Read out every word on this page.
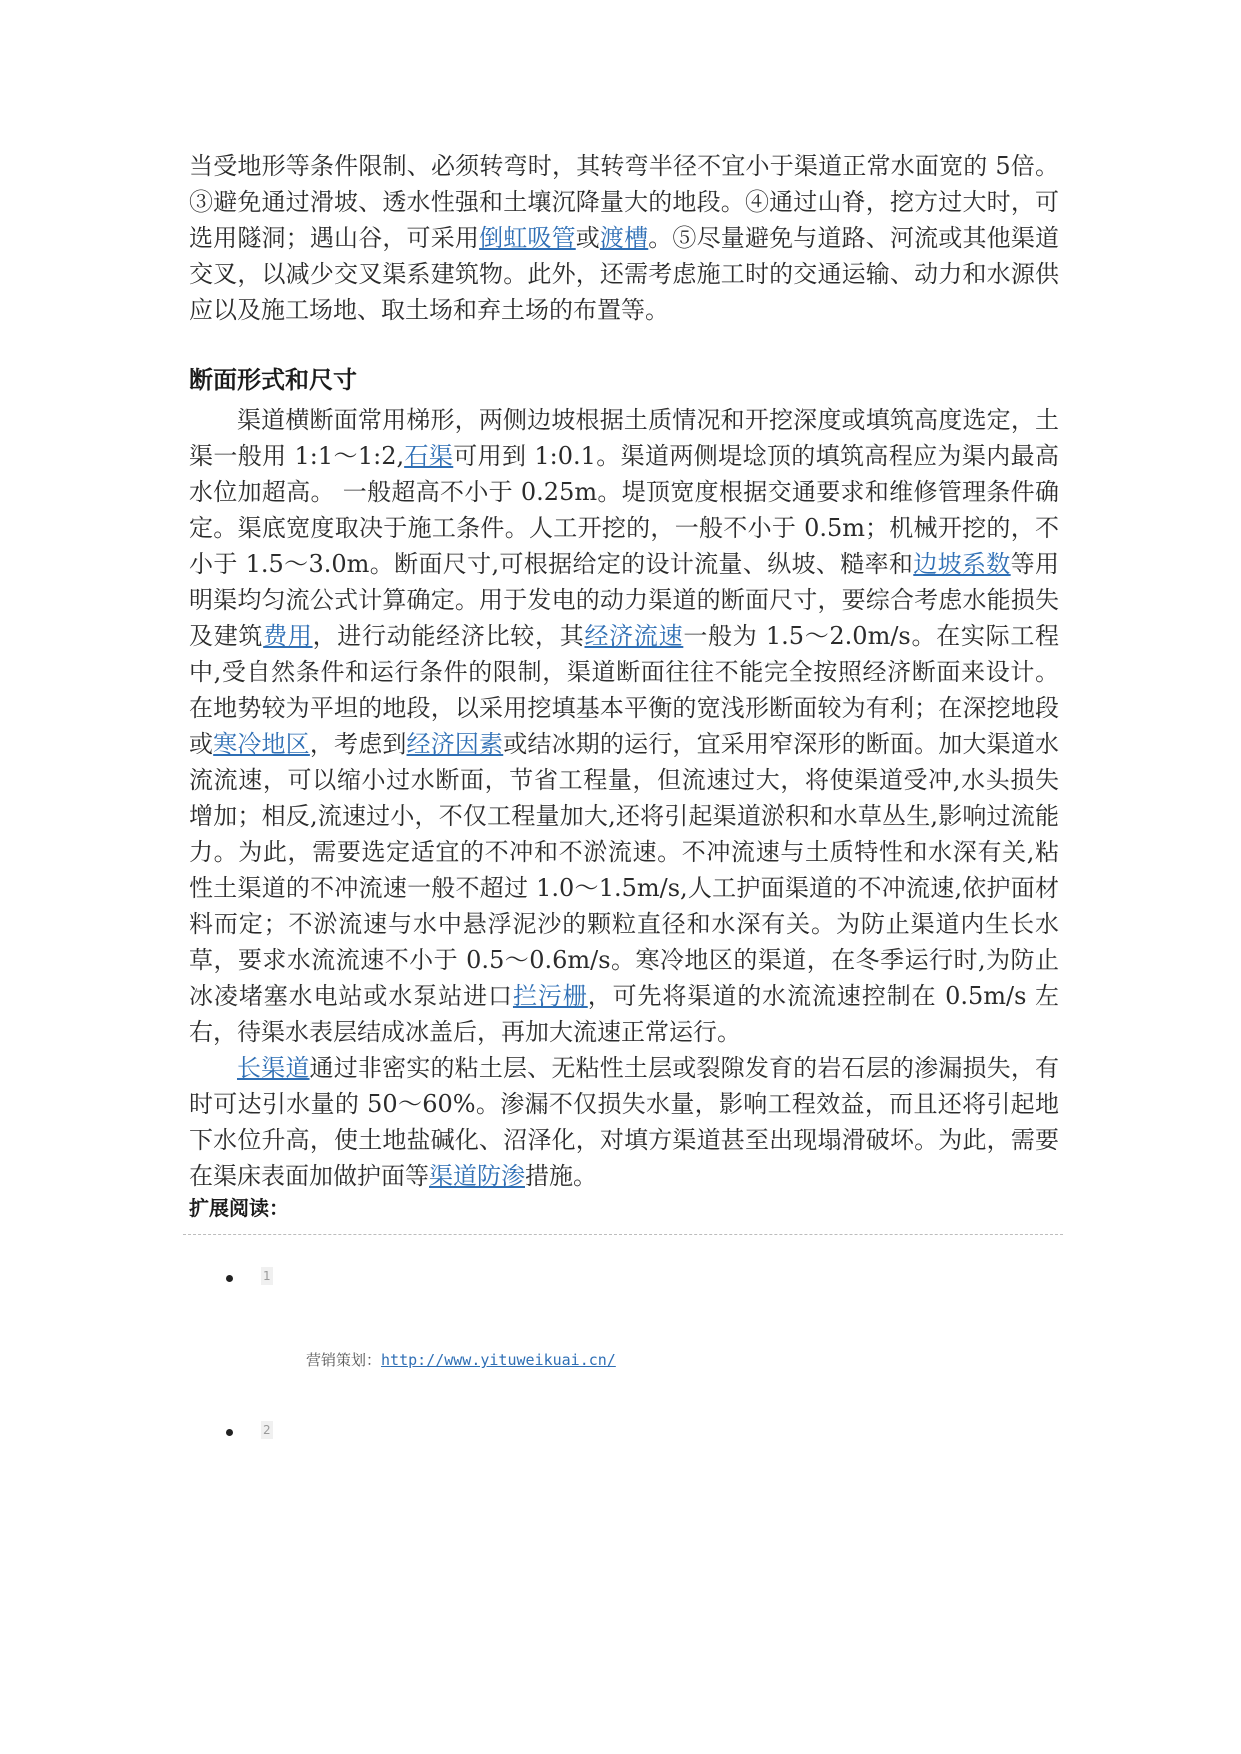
当受地形等条件限制、必须转弯时，其转弯半径不宜小于渠道正常水面宽的 5倍。③避免通过滑坡、透水性强和土壤沉降量大的地段。④通过山脊，挖方过大时，可选用隧洞；遇山谷，可采用倒虹吸管或渡槽。⑤尽量避免与道路、河流或其他渠道交叉，以减少交叉渠系建筑物。此外，还需考虑施工时的交通运输、动力和水源供应以及施工场地、取土场和弃土场的布置等。

断面形式和尺寸

渠道横断面常用梯形，两侧边坡根据土质情况和开挖深度或填筑高度选定，土渠一般用 1:1～1:2,石渠可用到 1:0.1。渠道两侧堤埝顶的填筑高程应为渠内最高水位加超高。 一般超高不小于 0.25m。堤顶宽度根据交通要求和维修管理条件确定。渠底宽度取决于施工条件。人工开挖的，一般不小于 0.5m；机械开挖的，不小于 1.5～3.0m。断面尺寸,可根据给定的设计流量、纵坡、糙率和边坡系数等用明渠均匀流公式计算确定。用于发电的动力渠道的断面尺寸，要综合考虑水能损失及建筑费用，进行动能经济比较，其经济流速一般为 1.5～2.0m/s。在实际工程中,受自然条件和运行条件的限制，渠道断面往往不能完全按照经济断面来设计。在地势较为平坦的地段，以采用挖填基本平衡的宽浅形断面较为有利；在深挖地段或寒冷地区，考虑到经济因素或结冰期的运行，宜采用窄深形的断面。加大渠道水流流速，可以缩小过水断面，节省工程量，但流速过大，将使渠道受冲,水头损失增加；相反,流速过小，不仅工程量加大,还将引起渠道淤积和水草丛生,影响过流能力。为此，需要选定适宜的不冲和不淤流速。不冲流速与土质特性和水深有关,粘性土渠道的不冲流速一般不超过 1.0～1.5m/s,人工护面渠道的不冲流速,依护面材料而定；不淤流速与水中悬浮泥沙的颗粒直径和水深有关。为防止渠道内生长水草，要求水流流速不小于 0.5～0.6m/s。寒冷地区的渠道，在冬季运行时,为防止冰凌堵塞水电站或水泵站进口拦污栅，可先将渠道的水流流速控制在 0.5m/s 左右，待渠水表层结成冰盖后，再加大流速正常运行。

长渠道通过非密实的粘土层、无粘性土层或裂隙发育的岩石层的渗漏损失，有时可达引水量的 50～60%。渗漏不仅损失水量，影响工程效益，而且还将引起地下水位升高，使土地盐碱化、沼泽化，对填方渠道甚至出现塌滑破坏。为此，需要在渠床表面加做护面等渠道防渗措施。

扩展阅读：
1
营销策划：http://www.yituweikuai.cn/
2
